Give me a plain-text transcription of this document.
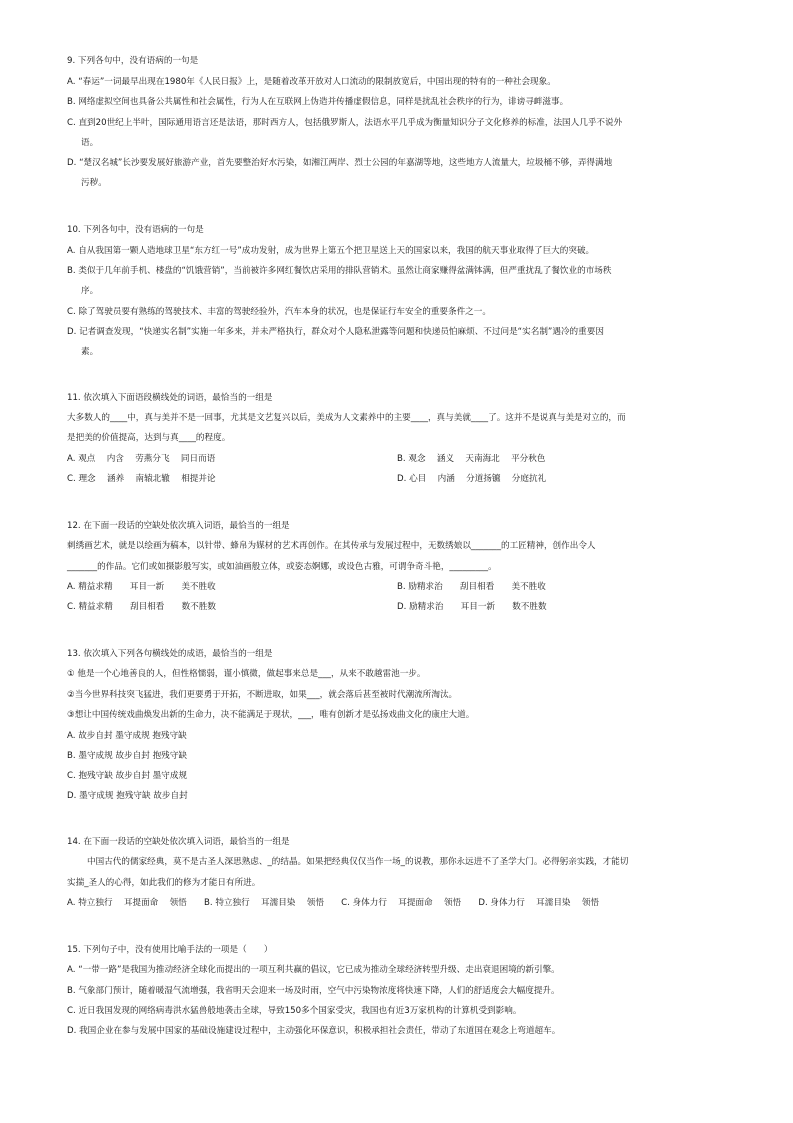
9. 下列各句中，没有语病的一句是
A. “春运”一词最早出现在1980年《人民日报》上，是随着改革开放对人口流动的限制放宽后，中国出现的特有的一种社会现象。
B. 网络虚拟空间也具备公共属性和社会属性，行为人在互联网上伪造并传播虚假信息，同样是扰乱社会秩序的行为，诽谤寻衅滋事。
C. 直到20世纪上半叶，国际通用语言还是法语，那时西方人，包括俄罗斯人，法语水平几乎成为衡量知识分子文化修养的标准，法国人几乎不说外
语。
D. “楚汉名城”长沙要发展好旅游产业，首先要整治好水污染，如湘江两岸、烈士公园的年嘉湖等地，这些地方人流量大，垃圾桶不够，弄得满地
污秽。
10. 下列各句中，没有语病的一句是
A. 自从我国第一颗人造地球卫星“东方红一号”成功发射，成为世界上第五个把卫星送上天的国家以来，我国的航天事业取得了巨大的突破。
B. 类似于几年前手机、楼盘的“饥饿营销”，当前被许多网红餐饮店采用的排队营销术。虽然让商家赚得盆满钵满，但严重扰乱了餐饮业的市场秩
序。
C. 除了驾驶员要有熟练的驾驶技术、丰富的驾驶经验外，汽车本身的状况，也是保证行车安全的重要条件之一。
D. 记者调查发现，“快递实名制”实施一年多来，并未严格执行，群众对个人隐私泄露等问题和快递员怕麻烦、不过问是“实名制”遇冷的重要因
素。
11. 依次填入下面语段横线处的词语，最恰当的一组是
大多数人的____中，真与美并不是一回事，尤其是文艺复兴以后，美成为人文素养中的主要____，真与美就____了。这并不是说真与美是对立的，而
是把美的价值提高，达到与真____的程度。
A. 观点　 内含　 劳燕分飞　 同日而语	B. 观念　 涵义　 天南海北　 平分秋色
C. 理念　 涵养　 南辕北辙　 相提并论	D. 心目　 内涵　 分道扬镳　 分庭抗礼
12. 在下面一段话的空缺处依次填入词语，最恰当的一组是
刺绣画艺术，就是以绘画为稿本，以针带、蜂帛为媒材的艺术再创作。在其传承与发展过程中，无数绣娘以_______的工匠精神，创作出令人
_______的作品。它们或如摄影般写实，或如油画般立体，或姿态婀娜，或设色古雅，可谓争奇斗艳，_________。
A. 精益求精　　耳目一新　　美不胜收	B. 励精求治　　刮目相看　　美不胜收
C. 精益求精　　刮目相看　　数不胜数	D. 励精求治　　耳目一新　　数不胜数
13. 依次填入下列各句横线处的成语，最恰当的一组是
① 他是一个心地善良的人，但性格懦弱，谨小慎微，做起事来总是___，从来不敢越雷池一步。
②当今世界科技突飞猛进，我们更要勇于开拓，不断进取，如果___，就会落后甚至被时代潮流所淘汰。
③想让中国传统戏曲焕发出新的生命力，决不能满足于现状，___，唯有创新才是弘扬戏曲文化的康庄大道。
A. 故步自封 墨守成规 抱残守缺
B. 墨守成规 故步自封 抱残守缺
C. 抱残守缺 故步自封 墨守成规
D. 墨守成规 抱残守缺 故步自封
14. 在下面一段话的空缺处依次填入词语，最恰当的一组是
中国古代的儒家经典，莫不是古圣人深思熟虑、_的结晶。如果把经典仅仅当作一场_的说教，那你永远进不了圣学大门。必得躬亲实践，才能切
实揣_圣人的心得，如此我们的修为才能日有所进。
A. 特立独行　 耳提面命　 领悟　　B. 特立独行　 耳濡目染　 领悟　　C. 身体力行　 耳提面命　 领悟　　D. 身体力行　 耳濡目染　 领悟
15. 下列句子中，没有使用比喻手法的一项是（　　）
A. “一带一路”是我国为推动经济全球化而提出的一项互利共赢的倡议，它已成为推动全球经济转型升级、走出衰退困境的新引擎。
B. 气象部门预计，随着暖湿气流增强，我省明天会迎来一场及时雨，空气中污染物浓度将快速下降，人们的舒适度会大幅度提升。
C. 近日我国发现的网络病毒洪水猛兽般地袭击全球，导致150多个国家受灾，我国也有近3万家机构的计算机受到影响。
D. 我国企业在参与发展中国家的基础设施建设过程中，主动强化环保意识，积极承担社会责任，带动了东道国在观念上弯道超车。
